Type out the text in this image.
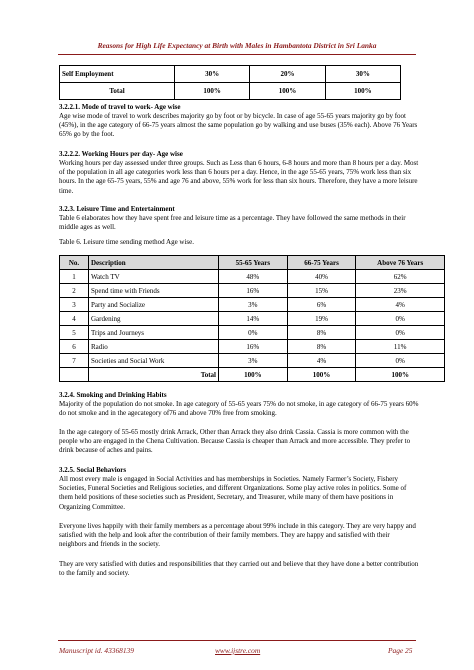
Reasons for High Life Expectancy at Birth with Males in Hambantota District in Sri Lanka
Self Employment	30%	20%	30%
Total	100%	100%	100%
3.2.2.1. Mode of travel to work- Age wise
Age wise mode of travel to work describes majority go by foot or by bicycle. In case of age 55-65 years majority go by foot (45%), in the age category of 66-75 years almost the same population go by walking and use buses (35% each). Above 76 Years 65% go by the foot.
3.2.2.2. Working Hours per day- Age wise
Working hours per day assessed under three groups. Such as Less than 6 hours, 6-8 hours and more than 8 hours per a day. Most of the population in all age categories work less than 6 hours per a day. Hence, in the age 55-65 years, 75% work less than six hours. In the age 65-75 years, 55% and age 76 and above, 55% work for less than six hours. Therefore, they have a more leisure time.
3.2.3. Leisure Time and Entertainment
Table 6 elaborates how they have spent free and leisure time as a percentage. They have followed the same methods in their middle ages as well.
Table 6. Leisure time sending method Age wise.
No.	Description	55-65 Years	66-75 Years	Above 76 Years
1	Watch TV	48%	40%	62%
2	Spend time with Friends	16%	15%	23%
3	Party and Socialize	3%	6%	4%
4	Gardening	14%	19%	0%
5	Trips and Journeys	0%	8%	0%
6	Radio	16%	8%	11%
7	Societies and Social Work	3%	4%	0%
	Total	100%	100%	100%
3.2.4. Smoking and Drinking Habits
Majority of the population do not smoke. In age category of 55-65 years 75% do not smoke, in age category of 66-75 years 60% do not smoke and in the agecategory of76 and above 70% free from smoking.
In the age category of 55-65 mostly drink Arrack, Other than Arrack they also drink Cassia. Cassia is more common with the people who are engaged in the Chena Cultivation. Because Cassia is cheaper than Arrack and more accessible. They prefer to drink because of aches and pains.
3.2.5. Social Behaviors
All most every male is engaged in Social Activities and has memberships in Societies. Namely Farmer’s Society, Fishery Societies, Funeral Societies and Religious societies, and different Organizations. Some play active roles in politics. Some of them held positions of these societies such as President, Secretary, and Treasurer, while many of them have positions in Organizing Committee.
Everyone lives happily with their family members as a percentage about 99% include in this category. They are very happy and satisfied with the help and look after the contribution of their family members. They are happy and satisfied with their neighbors and friends in the society.
They are very satisfied with duties and responsibilities that they carried out and believe that they have done a better contribution to the family and society.
Manuscript id. 43368139	www.ijstre.com	Page 25
